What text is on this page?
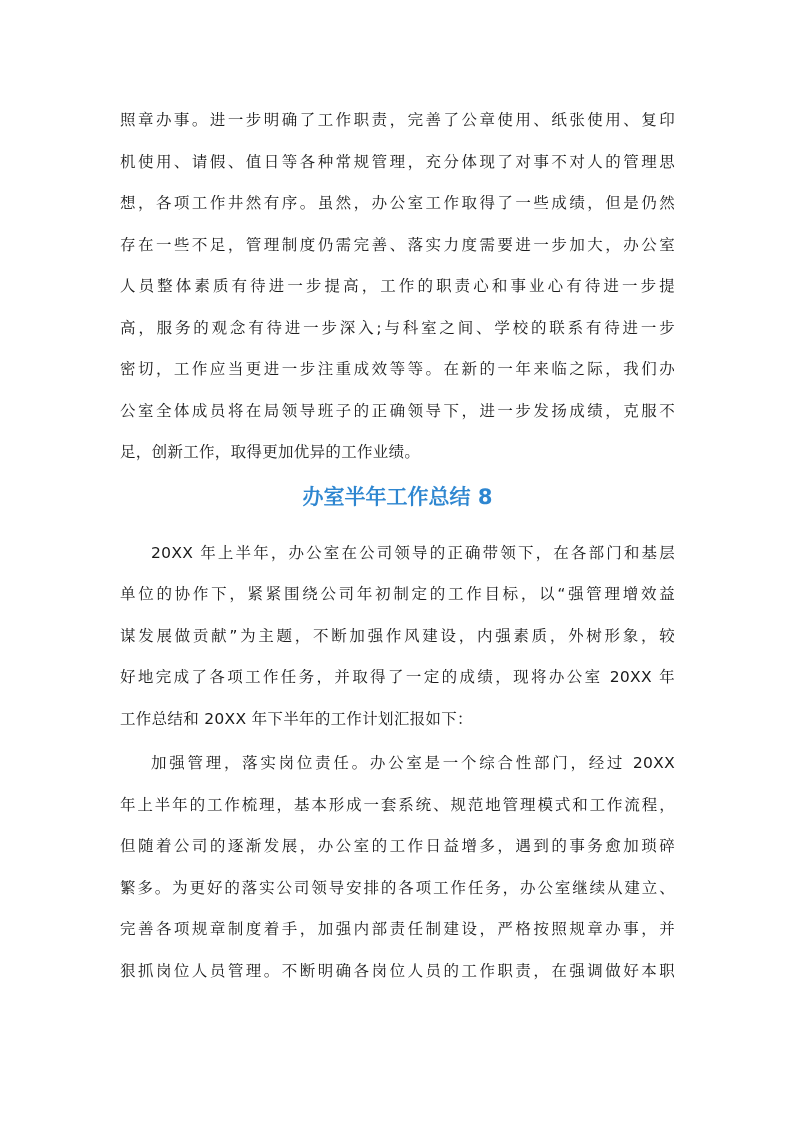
照章办事。进一步明确了工作职责，完善了公章使用、纸张使用、复印
机使用、请假、值日等各种常规管理，充分体现了对事不对人的管理思
想，各项工作井然有序。虽然，办公室工作取得了一些成绩，但是仍然
存在一些不足，管理制度仍需完善、落实力度需要进一步加大，办公室
人员整体素质有待进一步提高，工作的职责心和事业心有待进一步提
高，服务的观念有待进一步深入;与科室之间、学校的联系有待进一步
密切，工作应当更进一步注重成效等等。在新的一年来临之际，我们办
公室全体成员将在局领导班子的正确领导下，进一步发扬成绩，克服不
足，创新工作，取得更加优异的工作业绩。
办室半年工作总结 8
20XX 年上半年，办公室在公司领导的正确带领下，在各部门和基层
单位的协作下，紧紧围绕公司年初制定的工作目标，以“强管理增效益
谋发展做贡献”为主题，不断加强作风建设，内强素质，外树形象，较
好地完成了各项工作任务，并取得了一定的成绩，现将办公室 20XX 年
工作总结和 20XX 年下半年的工作计划汇报如下：
加强管理，落实岗位责任。办公室是一个综合性部门，经过 20XX
年上半年的工作梳理，基本形成一套系统、规范地管理模式和工作流程，
但随着公司的逐渐发展，办公室的工作日益增多，遇到的事务愈加琐碎
繁多。为更好的落实公司领导安排的各项工作任务，办公室继续从建立、
完善各项规章制度着手，加强内部责任制建设，严格按照规章办事，并
狠抓岗位人员管理。不断明确各岗位人员的工作职责，在强调做好本职
